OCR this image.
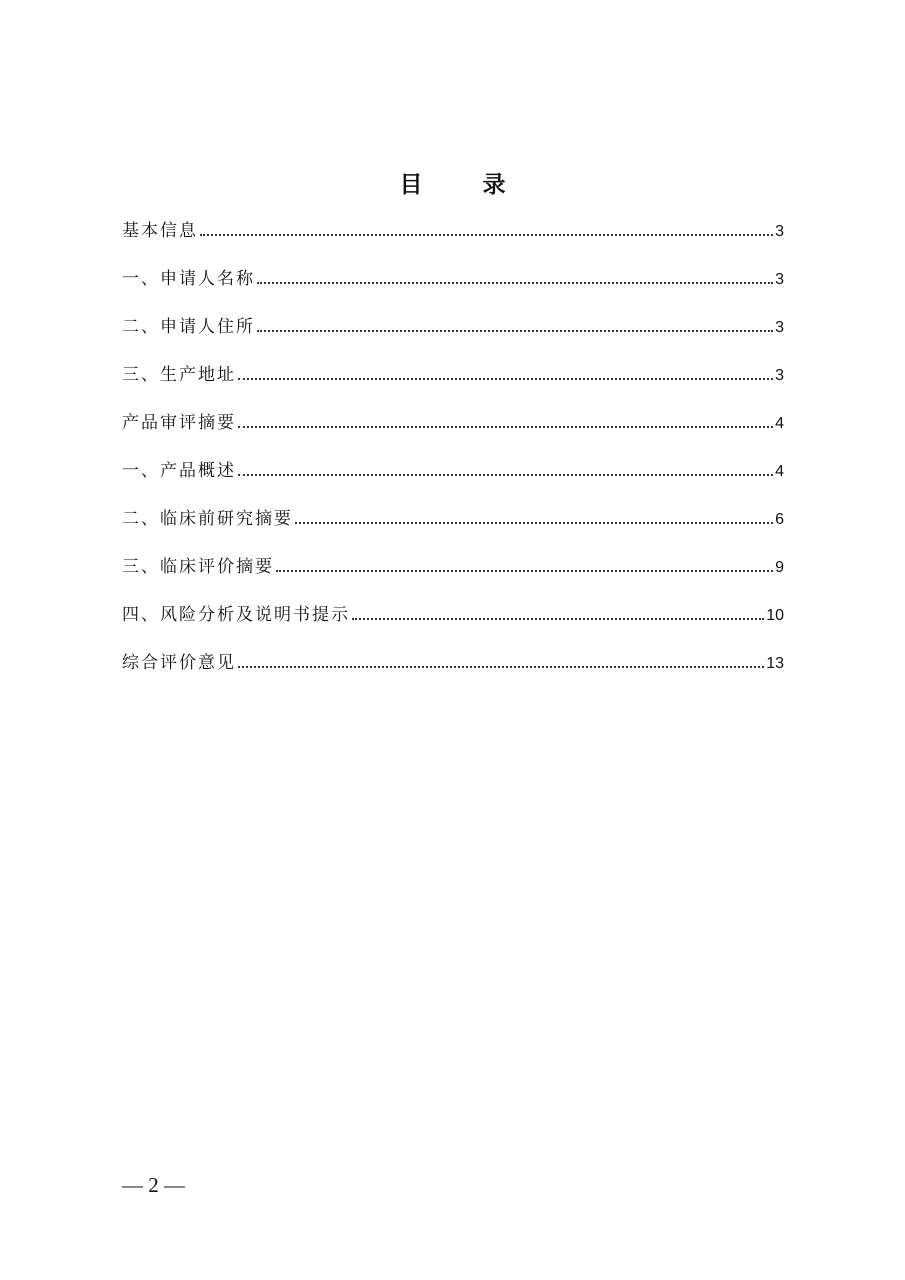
目 录
基本信息	3
一、申请人名称	3
二、申请人住所	3
三、生产地址	3
产品审评摘要	4
一、产品概述	4
二、临床前研究摘要	6
三、临床评价摘要	9
四、风险分析及说明书提示	10
综合评价意见	13
— 2 —
